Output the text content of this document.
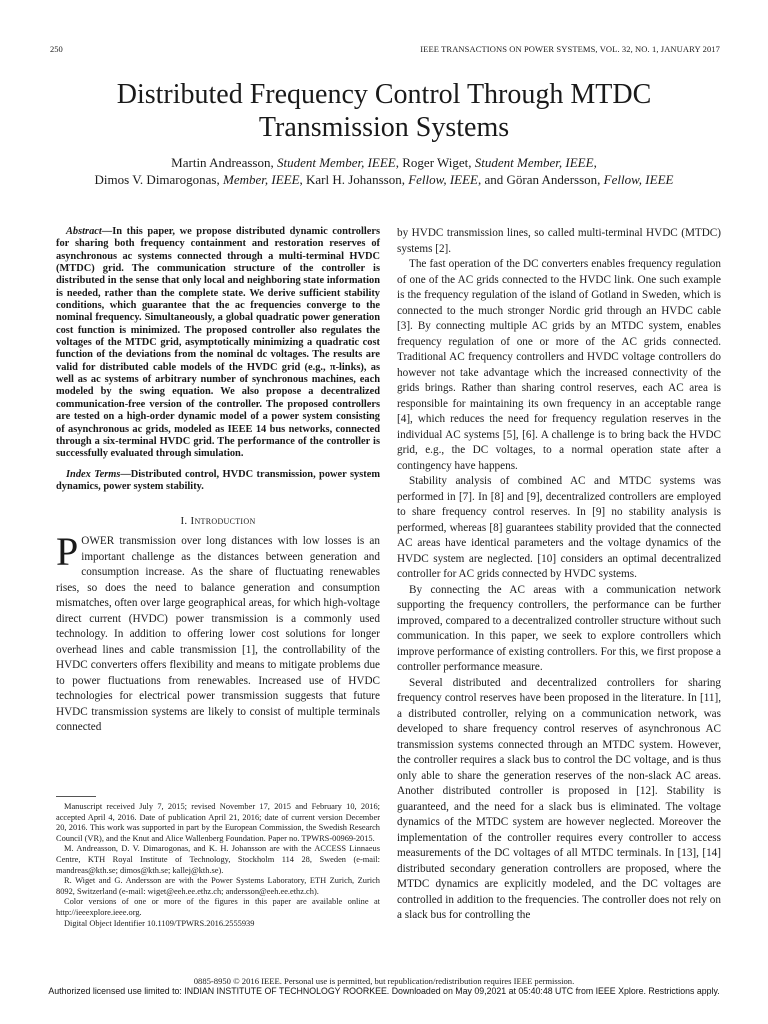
250	IEEE TRANSACTIONS ON POWER SYSTEMS, VOL. 32, NO. 1, JANUARY 2017
Distributed Frequency Control Through MTDC Transmission Systems
Martin Andreasson, Student Member, IEEE, Roger Wiget, Student Member, IEEE,
Dimos V. Dimarogonas, Member, IEEE, Karl H. Johansson, Fellow, IEEE, and Göran Andersson, Fellow, IEEE

Abstract—In this paper, we propose distributed dynamic controllers for sharing both frequency containment and restoration reserves of asynchronous ac systems connected through a multi-terminal HVDC (MTDC) grid. The communication structure of the controller is distributed in the sense that only local and neighboring state information is needed, rather than the complete state. We derive sufficient stability conditions, which guarantee that the ac frequencies converge to the nominal frequency. Simultaneously, a global quadratic power generation cost function is minimized. The proposed controller also regulates the voltages of the MTDC grid, asymptotically minimizing a quadratic cost function of the deviations from the nominal dc voltages. The results are valid for distributed cable models of the HVDC grid (e.g., π-links), as well as ac systems of arbitrary number of synchronous machines, each modeled by the swing equation. We also propose a decentralized communication-free version of the controller. The proposed controllers are tested on a high-order dynamic model of a power system consisting of asynchronous ac grids, modeled as IEEE 14 bus networks, connected through a six-terminal HVDC grid. The performance of the controller is successfully evaluated through simulation.

Index Terms—Distributed control, HVDC transmission, power system dynamics, power system stability.

I. Introduction

POWER transmission over long distances with low losses is an important challenge as the distances between generation and consumption increase. As the share of fluctuating renewables rises, so does the need to balance generation and consumption mismatches, often over large geographical areas, for which high-voltage direct current (HVDC) power transmission is a commonly used technology. In addition to offering lower cost solutions for longer overhead lines and cable transmission [1], the controllability of the HVDC converters offers flexibility and means to mitigate problems due to power fluctuations from renewables. Increased use of HVDC technologies for electrical power transmission suggests that future HVDC transmission systems are likely to consist of multiple terminals connected

Manuscript received July 7, 2015; revised November 17, 2015 and February 10, 2016; accepted April 4, 2016. Date of publication April 21, 2016; date of current version December 20, 2016. This work was supported in part by the European Commission, the Swedish Research Council (VR), and the Knut and Alice Wallenberg Foundation. Paper no. TPWRS-00969-2015.

M. Andreasson, D. V. Dimarogonas, and K. H. Johansson are with the ACCESS Linnaeus Centre, KTH Royal Institute of Technology, Stockholm 114 28, Sweden (e-mail: mandreas@kth.se; dimos@kth.se; kallej@kth.se).

R. Wiget and G. Andersson are with the Power Systems Laboratory, ETH Zurich, Zurich 8092, Switzerland (e-mail: wiget@eeh.ee.ethz.ch; andersson@eeh.ee.ethz.ch).

Color versions of one or more of the figures in this paper are available online at http://ieeexplore.ieee.org.

Digital Object Identifier 10.1109/TPWRS.2016.2555939

by HVDC transmission lines, so called multi-terminal HVDC (MTDC) systems [2].

The fast operation of the DC converters enables frequency regulation of one of the AC grids connected to the HVDC link. One such example is the frequency regulation of the island of Gotland in Sweden, which is connected to the much stronger Nordic grid through an HVDC cable [3]. By connecting multiple AC grids by an MTDC system, enables frequency regulation of one or more of the AC grids connected. Traditional AC frequency controllers and HVDC voltage controllers do however not take advantage which the increased connectivity of the grids brings. Rather than sharing control reserves, each AC area is responsible for maintaining its own frequency in an acceptable range [4], which reduces the need for frequency regulation reserves in the individual AC systems [5], [6]. A challenge is to bring back the HVDC grid, e.g., the DC voltages, to a normal operation state after a contingency have happens.

Stability analysis of combined AC and MTDC systems was performed in [7]. In [8] and [9], decentralized controllers are employed to share frequency control reserves. In [9] no stability analysis is performed, whereas [8] guarantees stability provided that the connected AC areas have identical parameters and the voltage dynamics of the HVDC system are neglected. [10] considers an optimal decentralized controller for AC grids connected by HVDC systems.

By connecting the AC areas with a communication network supporting the frequency controllers, the performance can be further improved, compared to a decentralized controller structure without such communication. In this paper, we seek to explore controllers which improve performance of existing controllers. For this, we first propose a controller performance measure.

Several distributed and decentralized controllers for sharing frequency control reserves have been proposed in the literature. In [11], a distributed controller, relying on a communication network, was developed to share frequency control reserves of asynchronous AC transmission systems connected through an MTDC system. However, the controller requires a slack bus to control the DC voltage, and is thus only able to share the generation reserves of the non-slack AC areas. Another distributed controller is proposed in [12]. Stability is guaranteed, and the need for a slack bus is eliminated. The voltage dynamics of the MTDC system are however neglected. Moreover the implementation of the controller requires every controller to access measurements of the DC voltages of all MTDC terminals. In [13], [14] distributed secondary generation controllers are proposed, where the MTDC dynamics are explicitly modeled, and the DC voltages are controlled in addition to the frequencies. The controller does not rely on a slack bus for controlling the

0885-8950 © 2016 IEEE. Personal use is permitted, but republication/redistribution requires IEEE permission.
Authorized licensed use limited to: INDIAN INSTITUTE OF TECHNOLOGY ROORKEE. Downloaded on May 09,2021 at 05:40:48 UTC from IEEE Xplore. Restrictions apply.
